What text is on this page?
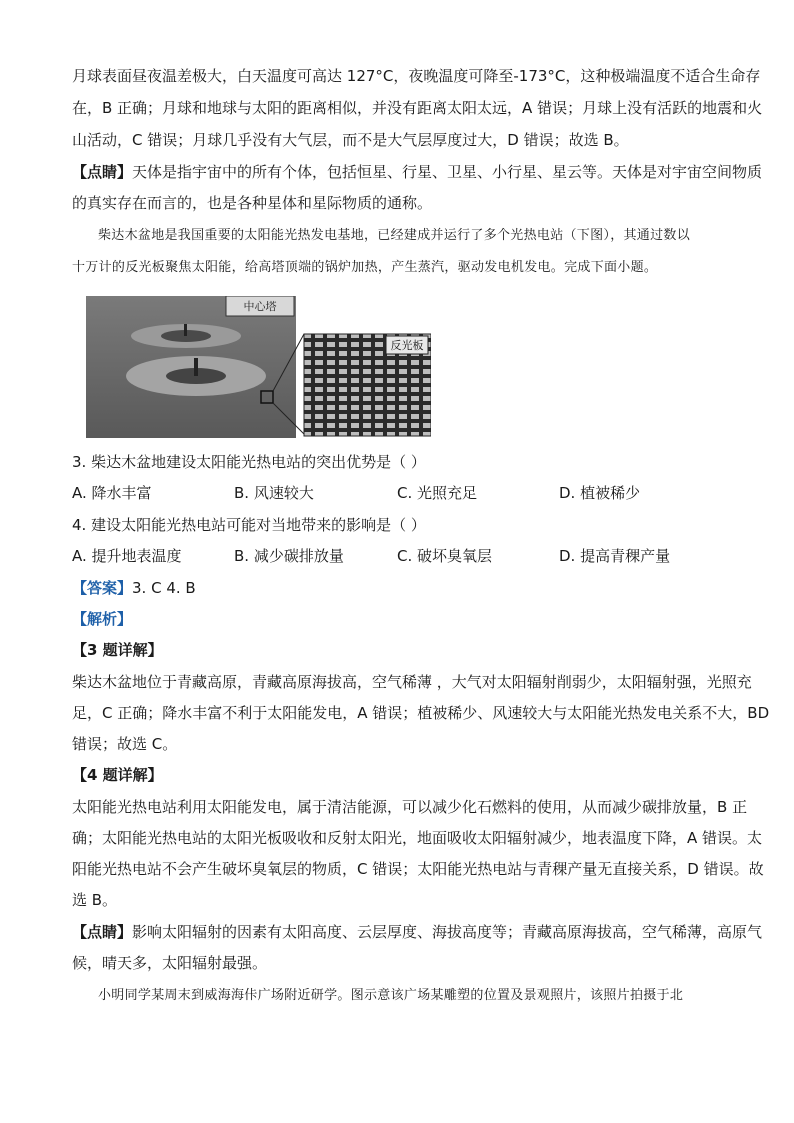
月球表面昼夜温差极大，白天温度可高达 127°C，夜晚温度可降至-173°C，这种极端温度不适合生命存
在，B 正确；月球和地球与太阳的距离相似，并没有距离太阳太远，A 错误；月球上没有活跃的地震和火
山活动，C 错误；月球几乎没有大气层，而不是大气层厚度过大，D 错误；故选 B。
【点睛】天体是指宇宙中的所有个体，包括恒星、行星、卫星、小行星、星云等。天体是对宇宙空间物质
的真实存在而言的，也是各种星体和星际物质的通称。
柴达木盆地是我国重要的太阳能光热发电基地，已经建成并运行了多个光热电站（下图），其通过数以
十万计的反光板聚焦太阳能，给高塔顶端的锅炉加热，产生蒸汽，驱动发电机发电。完成下面小题。
中心塔
反光板
3. 柴达木盆地建设太阳能光热电站的突出优势是（ ）
A. 降水丰富	B. 风速较大	C. 光照充足	D. 植被稀少
4. 建设太阳能光热电站可能对当地带来的影响是（ ）
A. 提升地表温度	B. 减少碳排放量	C. 破坏臭氧层	D. 提高青稞产量
【答案】3. C 4. B
【解析】
【3 题详解】
柴达木盆地位于青藏高原，青藏高原海拔高，空气稀薄 ，大气对太阳辐射削弱少，太阳辐射强，光照充
足，C 正确；降水丰富不利于太阳能发电，A 错误；植被稀少、风速较大与太阳能光热发电关系不大，BD
错误；故选 C。
【4 题详解】
太阳能光热电站利用太阳能发电，属于清洁能源，可以减少化石燃料的使用，从而减少碳排放量，B 正
确；太阳能光热电站的太阳光板吸收和反射太阳光，地面吸收太阳辐射减少，地表温度下降，A 错误。太
阳能光热电站不会产生破坏臭氧层的物质，C 错误；太阳能光热电站与青稞产量无直接关系，D 错误。故
选 B。
【点睛】影响太阳辐射的因素有太阳高度、云层厚度、海拔高度等；青藏高原海拔高，空气稀薄，高原气
候，晴天多，太阳辐射最强。
小明同学某周末到威海海佧广场附近研学。图示意该广场某雕塑的位置及景观照片，该照片拍摄于北
